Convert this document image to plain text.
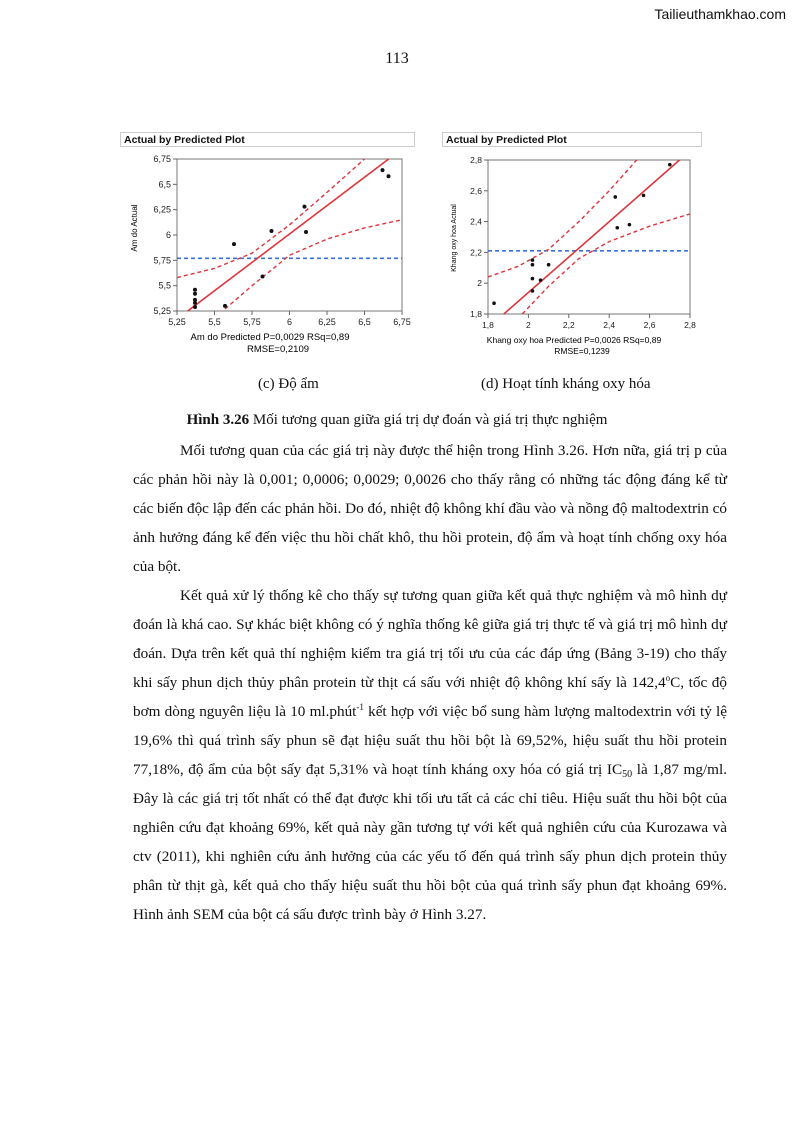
Tailieuthamkhao.com
113
Actual by Predicted Plot
Am do Actual
Am do Predicted P=0,0029 RSq=0,89
RMSE=0,2109
5,25 5,5 5,75	6	6,25 6,5 6,75
5,25
5,5
5,75
6
6,25
6,5
6,75
Actual by Predicted Plot
Khang oxy hoa Actual
Khang oxy hoa Predicted P=0,0026 RSq=0,89
RMSE=0,1239
1,8	2	2,2	2,4	2,6	2,8
1,8
2
2,2
2,4
2,6
2,8
(c) Độ ẩm	(d) Hoạt tính kháng oxy hóa
Hình 3.26 Mối tương quan giữa giá trị dự đoán và giá trị thực nghiệm

Mối tương quan của các giá trị này được thể hiện trong Hình 3.26. Hơn nữa, giá trị p của các phản hồi này là 0,001; 0,0006; 0,0029; 0,0026 cho thấy rằng có những tác động đáng kể từ các biến độc lập đến các phản hồi. Do đó, nhiệt độ không khí đầu vào và nồng độ maltodextrin có ảnh hưởng đáng kể đến việc thu hồi chất khô, thu hồi protein, độ ẩm và hoạt tính chống oxy hóa của bột.

Kết quả xử lý thống kê cho thấy sự tương quan giữa kết quả thực nghiệm và mô hình dự đoán là khá cao. Sự khác biệt không có ý nghĩa thống kê giữa giá trị thực tế và giá trị mô hình dự đoán. Dựa trên kết quả thí nghiệm kiểm tra giá trị tối ưu của các đáp ứng (Bảng 3-19) cho thấy khi sấy phun dịch thủy phân protein từ thịt cá sấu với nhiệt độ không khí sấy là 142,4$^o$C, tốc độ bơm dòng nguyên liệu là 10 ml.phút$^{-1}$ kết hợp với việc bổ sung hàm lượng maltodextrin với tỷ lệ 19,6% thì quá trình sấy phun sẽ đạt hiệu suất thu hồi bột là 69,52%, hiệu suất thu hồi protein 77,18%, độ ẩm của bột sấy đạt 5,31% và hoạt tính kháng oxy hóa có giá trị $IC_{50}$ là 1,87 mg/ml. Đây là các giá trị tốt nhất có thể đạt được khi tối ưu tất cả các chỉ tiêu. Hiệu suất thu hồi bột của nghiên cứu đạt khoảng 69%, kết quả này gần tương tự với kết quả nghiên cứu của Kurozawa và ctv (2011), khi nghiên cứu ảnh hưởng của các yếu tố đến quá trình sấy phun dịch protein thủy phân từ thịt gà, kết quả cho thấy hiệu suất thu hồi bột của quá trình sấy phun đạt khoảng 69%. Hình ảnh SEM của bột cá sấu được trình bày ở Hình 3.27.
